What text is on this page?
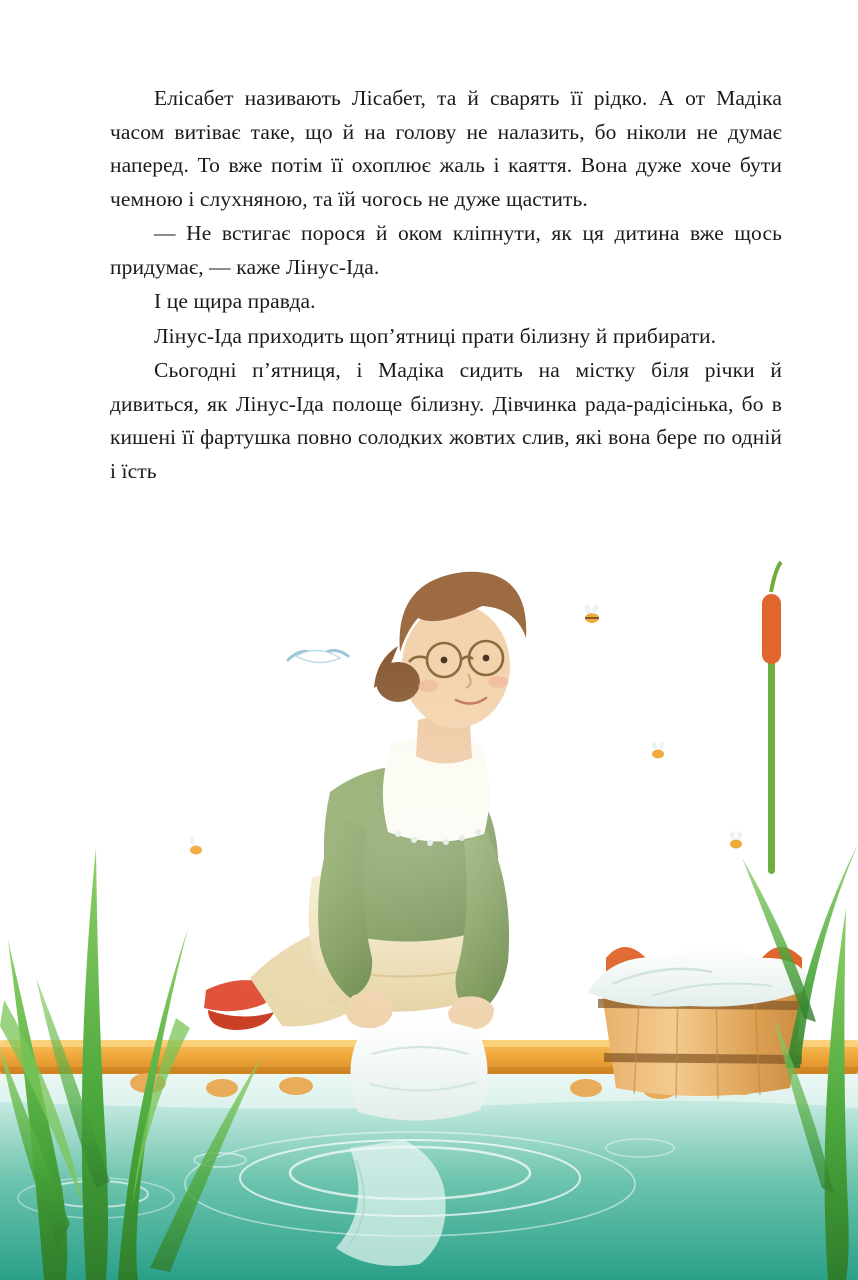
Елісабет називають Лісабет, та й сварять її рідко. А от Мадіка часом витіває таке, що й на голову не налазить, бо ніколи не думає наперед. То вже потім її охоплює жаль і каяття. Вона дуже хоче бути чемною і слухняною, та їй чогось не дуже щастить.

— Не встигає порося й оком кліпнути, як ця дитина вже щось придумає, — каже Лінус-Іда.

І це щира правда.

Лінус-Іда приходить щоп’ятниці прати білизну й прибирати.

Сьогодні п’ятниця, і Мадіка сидить на містку біля річки й дивиться, як Лінус-Іда полоще білизну. Дівчинка рада-радісінька, бо в кишені її фартушка повно солодких жовтих слив, які вона бере по одній і їсть
